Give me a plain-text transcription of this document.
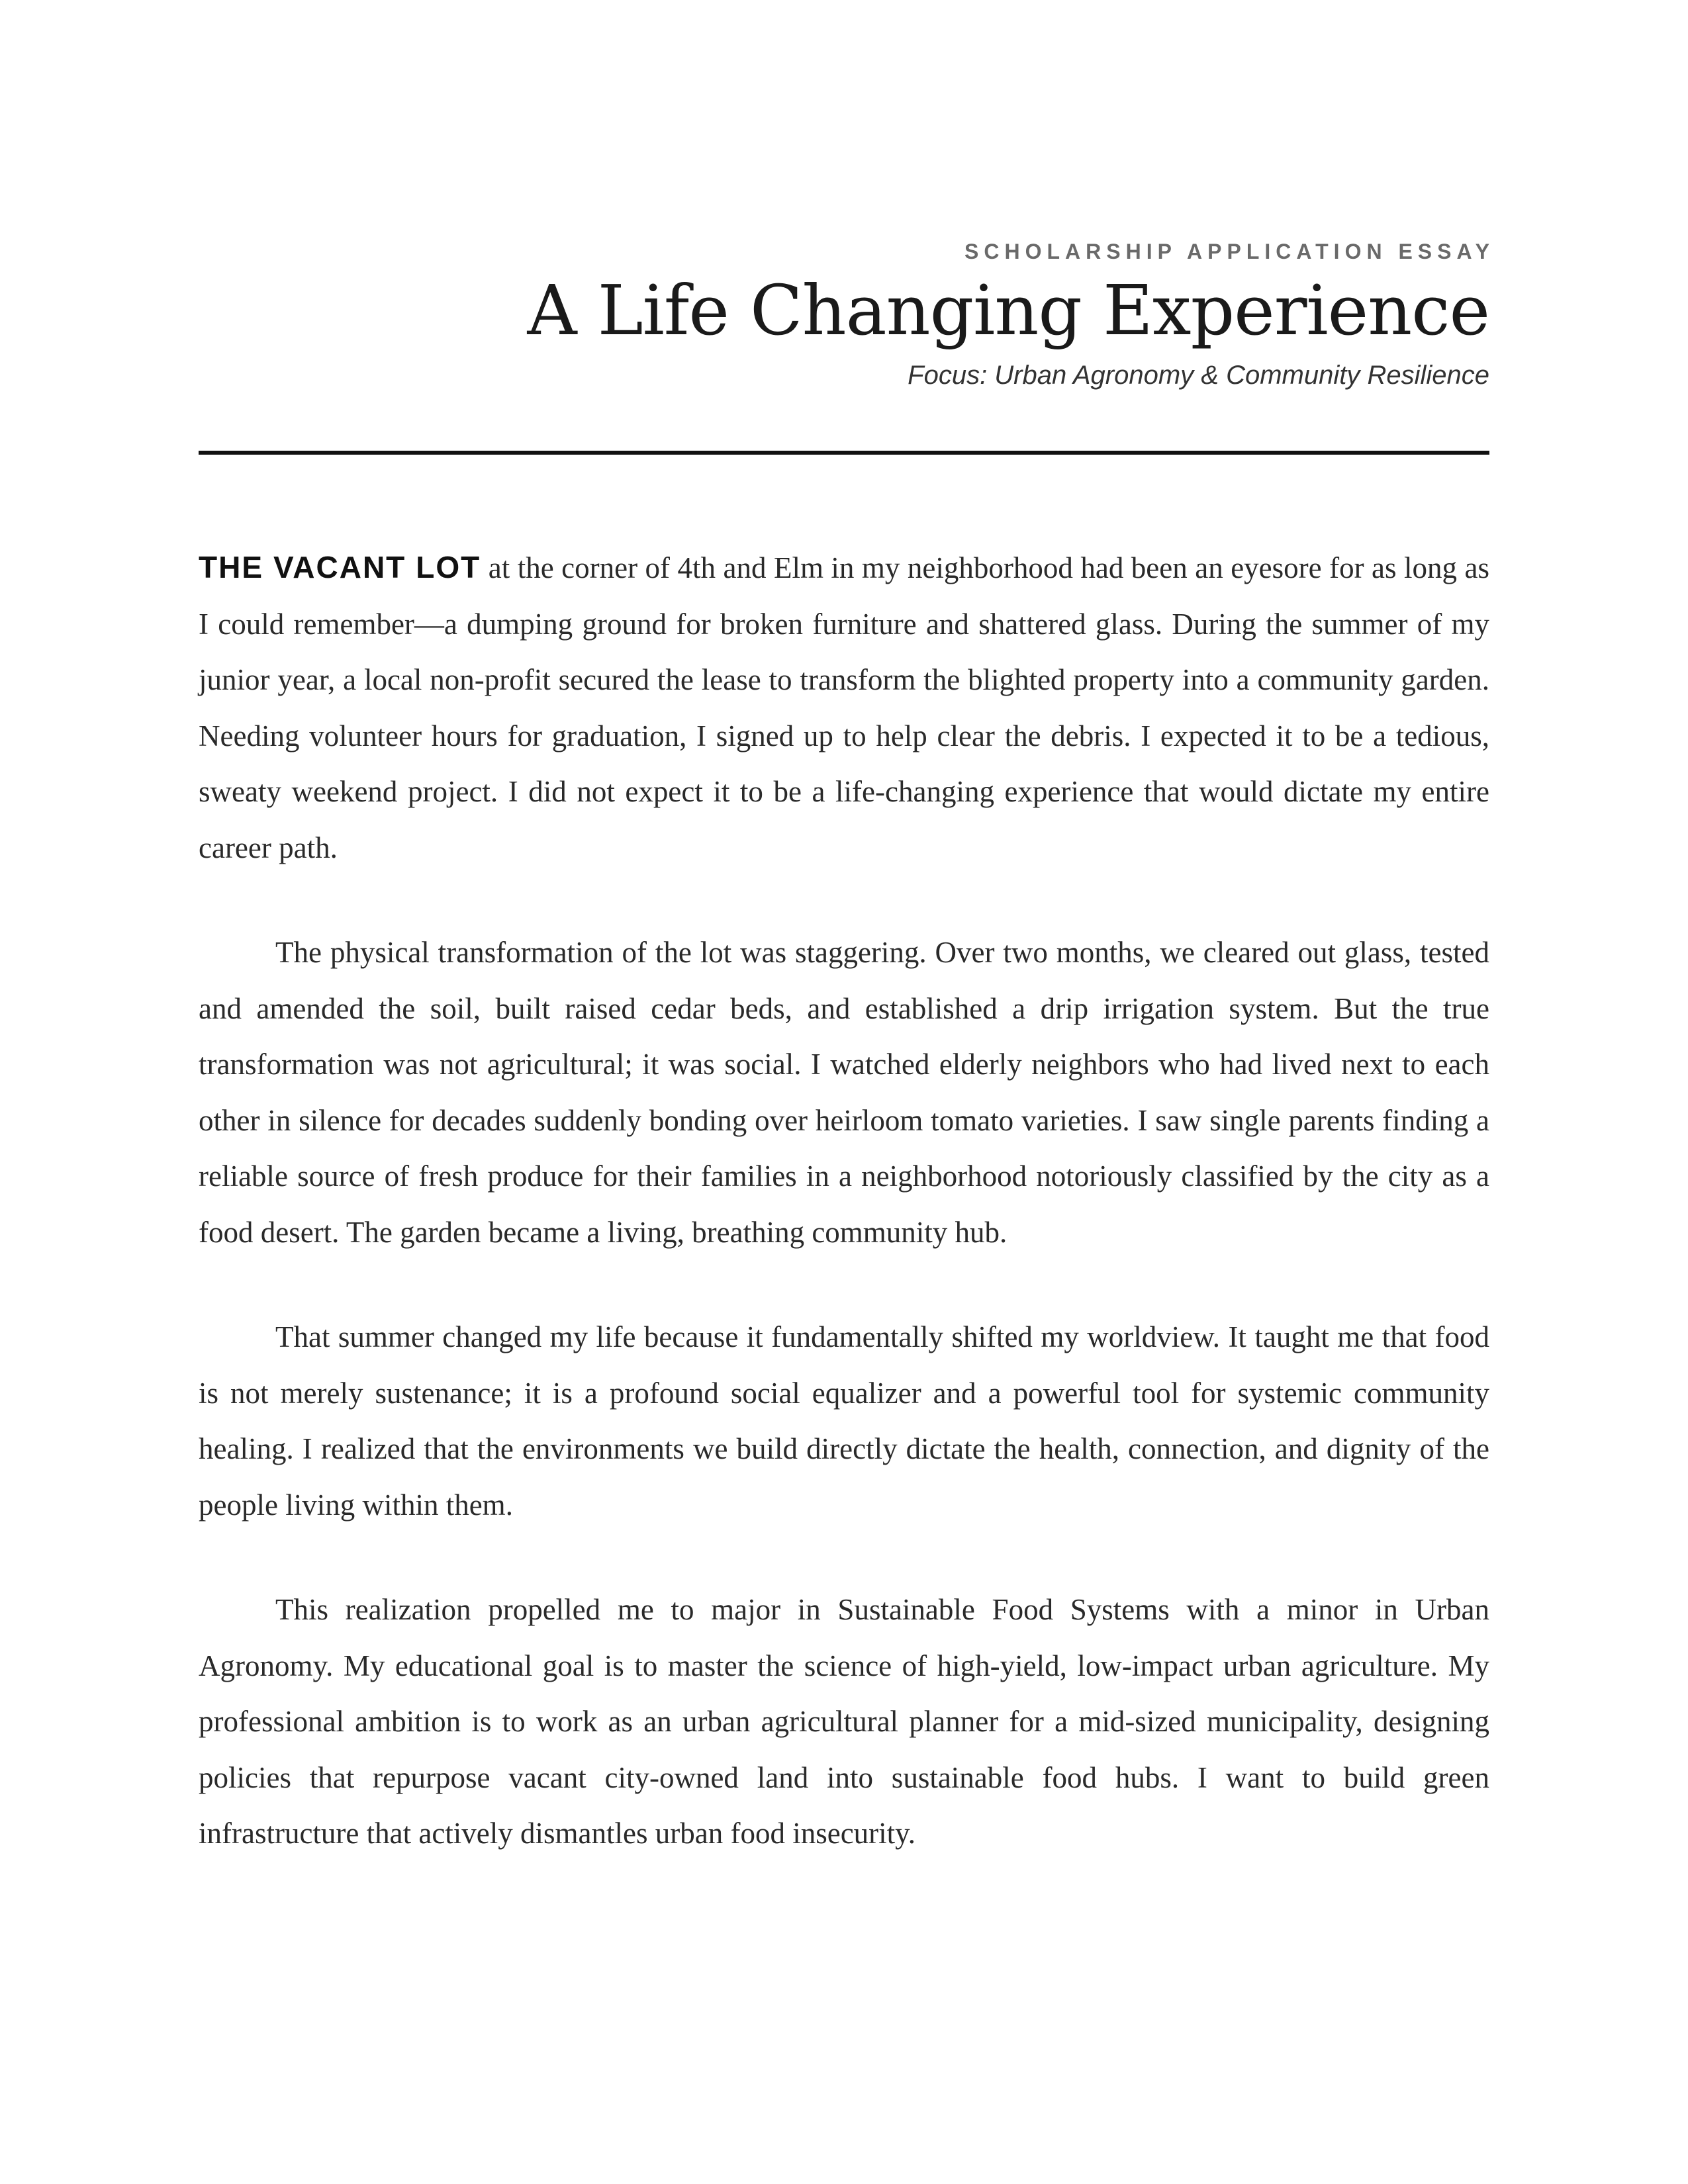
SCHOLARSHIP APPLICATION ESSAY
A Life Changing Experience
Focus: Urban Agronomy & Community Resilience

THE VACANT LOT at the corner of 4th and Elm in my neighborhood had been an eyesore for as long as I could remember—a dumping ground for broken furniture and shattered glass. During the summer of my junior year, a local non-profit secured the lease to transform the blighted property into a community garden. Needing volunteer hours for graduation, I signed up to help clear the debris. I expected it to be a tedious, sweaty weekend project. I did not expect it to be a life-changing experience that would dictate my entire career path.

The physical transformation of the lot was staggering. Over two months, we cleared out glass, tested and amended the soil, built raised cedar beds, and established a drip irrigation system. But the true transformation was not agricultural; it was social. I watched elderly neighbors who had lived next to each other in silence for decades suddenly bonding over heirloom tomato varieties. I saw single parents finding a reliable source of fresh produce for their families in a neighborhood notoriously classified by the city as a food desert. The garden became a living, breathing community hub.

That summer changed my life because it fundamentally shifted my worldview. It taught me that food is not merely sustenance; it is a profound social equalizer and a powerful tool for systemic community healing. I realized that the environments we build directly dictate the health, connection, and dignity of the people living within them.

This realization propelled me to major in Sustainable Food Systems with a minor in Urban Agronomy. My educational goal is to master the science of high-yield, low-impact urban agriculture. My professional ambition is to work as an urban agricultural planner for a mid-sized municipality, designing policies that repurpose vacant city-owned land into sustainable food hubs. I want to build green infrastructure that actively dismantles urban food insecurity.
